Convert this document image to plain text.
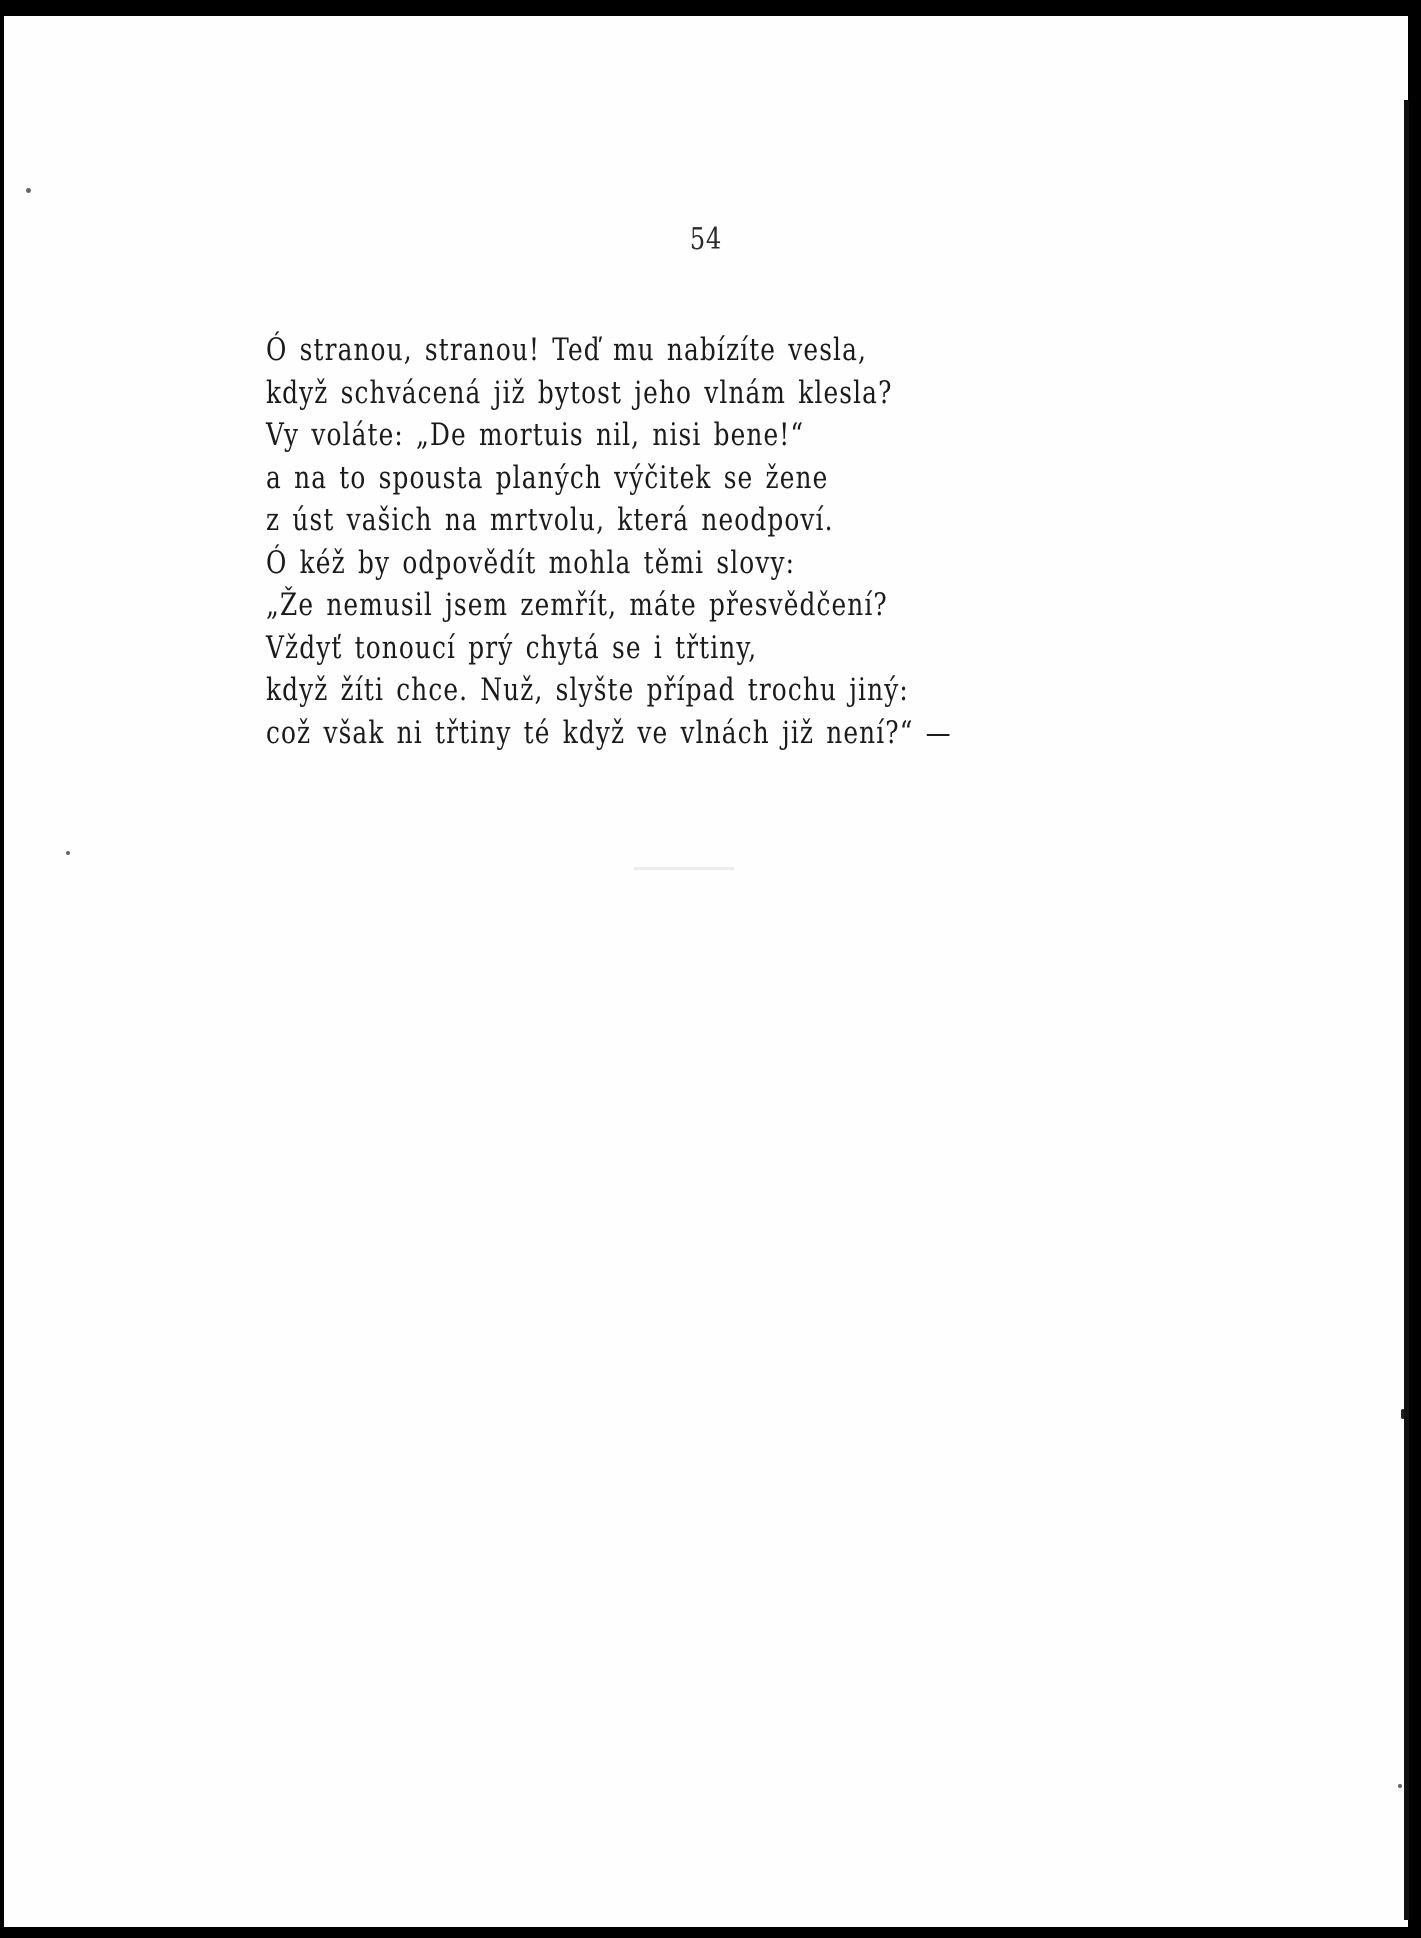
54
Ó stranou, stranou! Teď mu nabízíte vesla,
když schvácená již bytost jeho vlnám klesla?
Vy voláte: „De mortuis nil, nisi bene!“
a na to spousta planých výčitek se žene
z úst vašich na mrtvolu, která neodpoví.
Ó kéž by odpovědít mohla těmi slovy:
„Že nemusil jsem zemřít, máte přesvědčení?
Vždyť tonoucí prý chytá se i třtiny,
když žíti chce. Nuž, slyšte případ trochu jiný:
což však ni třtiny té když ve vlnách již není?“ —
